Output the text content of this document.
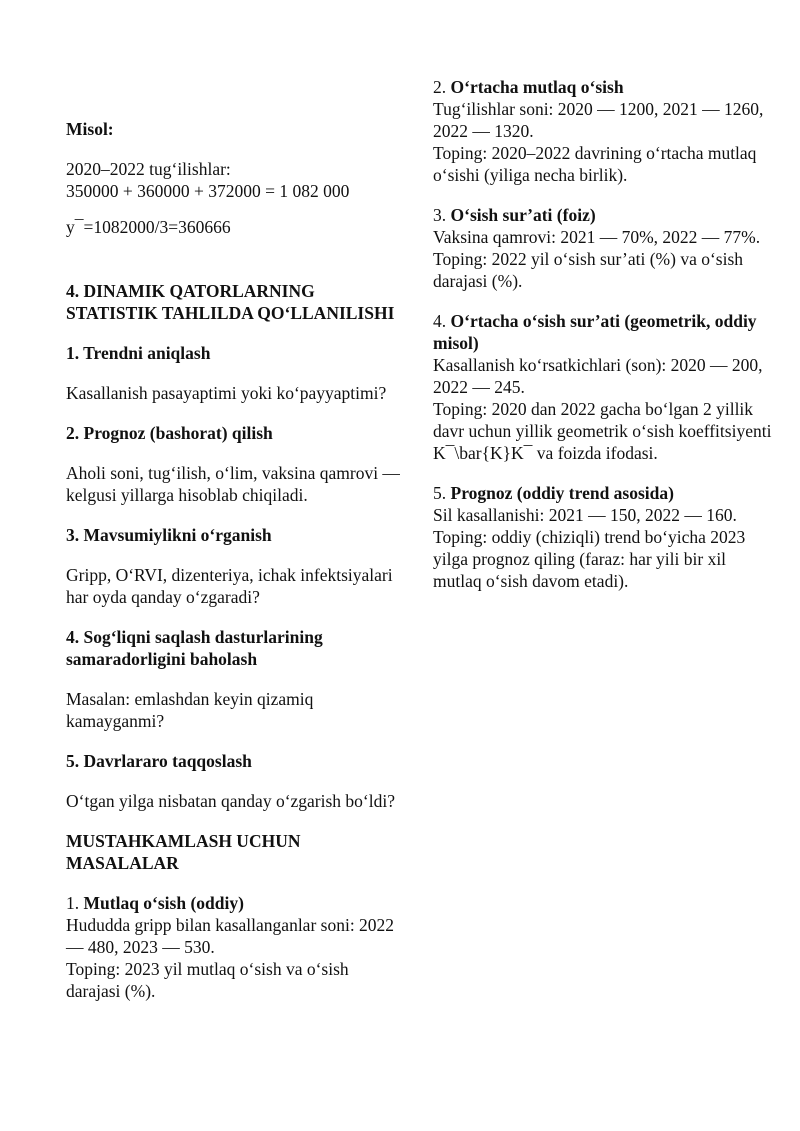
Misol:

2020–2022 tug‘ilishlar:

350000 + 360000 + 372000 = 1 082 000

y¯=1082000/3=360666

4. DINAMIK QATORLARNING STATISTIK TAHLILDA QO‘LLANILISHI

1. Trendni aniqlash

Kasallanish pasayaptimi yoki ko‘payyaptimi?

2. Prognoz (bashorat) qilish

Aholi soni, tug‘ilish, o‘lim, vaksina qamrovi — kelgusi yillarga hisoblab chiqiladi.

3. Mavsumiylikni o‘rganish

Gripp, O‘RVI, dizenteriya, ichak infektsiyalari har oyda qanday o‘zgaradi?

4. Sog‘liqni saqlash dasturlarining samaradorligini baholash

Masalan: emlashdan keyin qizamiq kamayganmi?

5. Davrlararo taqqoslash

O‘tgan yilga nisbatan qanday o‘zgarish bo‘ldi?

MUSTAHKAMLASH UCHUN MASALALAR

1. Mutlaq o‘sish (oddiy)

Hududda gripp bilan kasallanganlar soni: 2022 — 480, 2023 — 530.

Toping: 2023 yil mutlaq o‘sish va o‘sish darajasi (%).

2. O‘rtacha mutlaq o‘sish

Tug‘ilishlar soni: 2020 — 1200, 2021 — 1260, 2022 — 1320.

Toping: 2020–2022 davrining o‘rtacha mutlaq o‘sishi (yiliga necha birlik).

3. O‘sish sur’ati (foiz)

Vaksina qamrovi: 2021 — 70%, 2022 — 77%.

Toping: 2022 yil o‘sish sur’ati (%) va o‘sish darajasi (%).

4. O‘rtacha o‘sish sur’ati (geometrik, oddiy misol)

Kasallanish ko‘rsatkichlari (son): 2020 — 200, 2022 — 245.

Toping: 2020 dan 2022 gacha bo‘lgan 2 yillik davr uchun yillik geometrik o‘sish koeffitsiyenti K¯\bar{K}K¯ va foizda ifodasi.

5. Prognoz (oddiy trend asosida)

Sil kasallanishi: 2021 — 150, 2022 — 160.

Toping: oddiy (chiziqli) trend bo‘yicha 2023 yilga prognoz qiling (faraz: har yili bir xil mutlaq o‘sish davom etadi).
